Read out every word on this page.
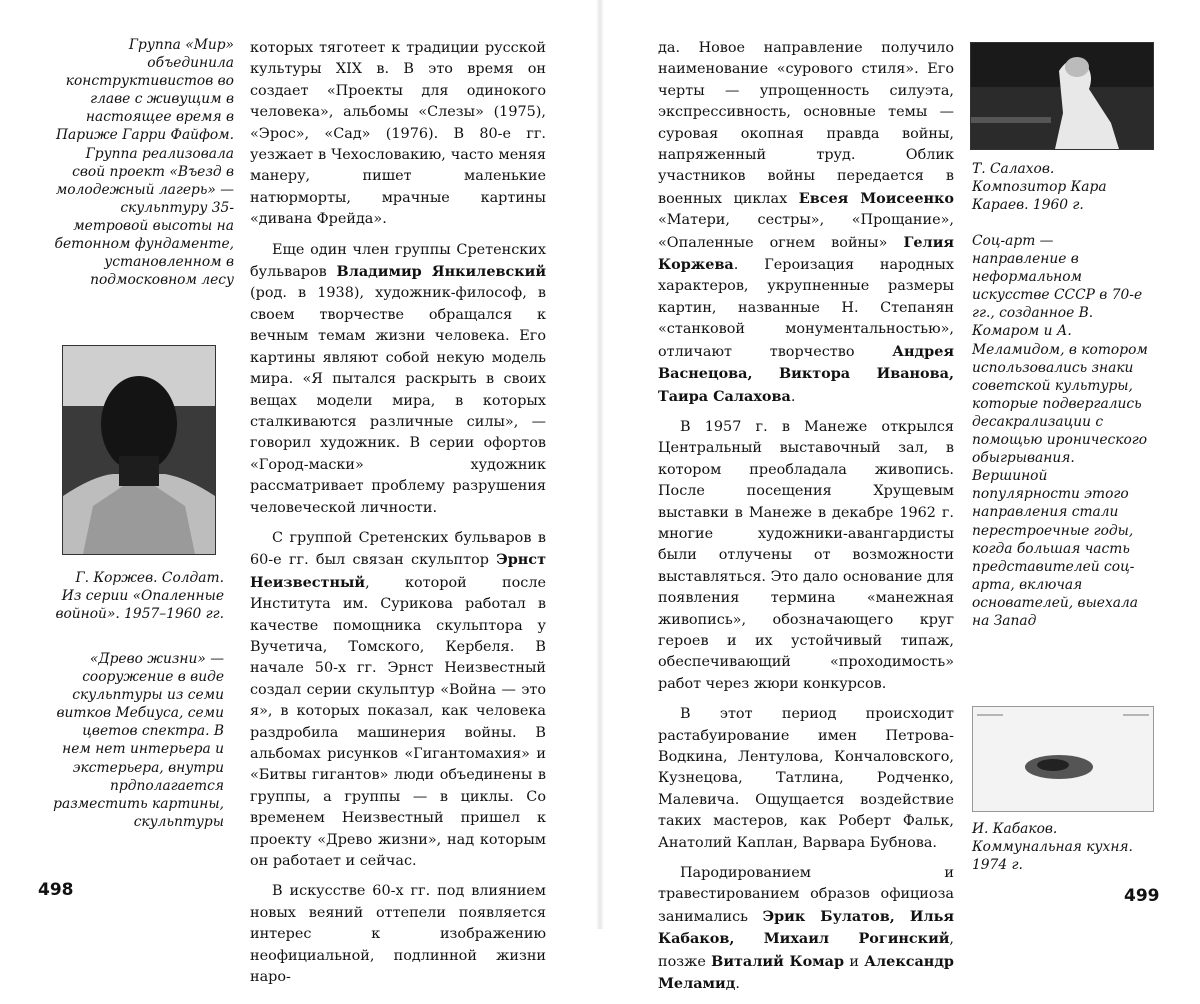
Группа «Мир» объединила конструктивистов во главе с живущим в настоящее время в Париже Гарри Файфом. Группа реализовала свой проект «Въезд в молодежный лагерь» — скульптуру 35-метровой высоты на бетонном фундаменте, установленном в подмосковном лесу

Г. Коржев. Солдат. Из серии «Опаленные войной». 1957–1960 гг.

«Древо жизни» — сооружение в виде скульптуры из семи витков Мебиуса, семи цветов спектра. В нем нет интерьера и экстерьера, внутри прдполагается разместить картины, скульптуры

которых тяготеет к традиции русской культуры XIX в. В это время он создает «Проекты для одинокого человека», альбомы «Слезы» (1975), «Эрос», «Сад» (1976). В 80-е гг. уезжает в Чехословакию, часто меняя манеру, пишет маленькие натюрморты, мрачные картины «дивана Фрейда».

Еще один член группы Сретенских бульваров Владимир Янкилевский (род. в 1938), художник-философ, в своем творчестве обращался к вечным темам жизни человека. Его картины являют собой некую модель мира. «Я пытался раскрыть в своих вещах модели мира, в которых сталкиваются различные силы», — говорил художник. В серии офортов «Город-маски» художник рассматривает проблему разрушения человеческой личности.

С группой Сретенских бульваров в 60-е гг. был связан скульптор Эрнст Неизвестный, которой после Института им. Сурикова работал в качестве помощника скульптора у Вучетича, Томского, Кербеля. В начале 50-х гг. Эрнст Неизвестный создал серии скульптур «Война — это я», в которых показал, как человека раздробила машинерия войны. В альбомах рисунков «Гигантомахия» и «Битвы гигантов» люди объединены в группы, а группы — в циклы. Со временем Неизвестный пришел к проекту «Древо жизни», над которым он работает и сейчас.

В искусстве 60-х гг. под влиянием новых веяний оттепели появляется интерес к изображению неофициальной, подлинной жизни наро-

498

да. Новое направление получило наименование «сурового стиля». Его черты — упрощенность силуэта, экспрессивность, основные темы — суровая окопная правда войны, напряженный труд. Облик участников войны передается в военных циклах Евсея Моисеенко «Матери, сестры», «Прощание», «Опаленные огнем войны» Гелия Коржева. Героизация народных характеров, укрупненные размеры картин, названные Н. Степанян «станковой монументальностью», отличают творчество Андрея Васнецова, Виктора Иванова, Таира Салахова.

В 1957 г. в Манеже открылся Центральный выставочный зал, в котором преобладала живопись. После посещения Хрущевым выставки в Манеже в декабре 1962 г. многие художники-авангардисты были отлучены от возможности выставляться. Это дало основание для появления термина «манежная живопись», обозначающего круг героев и их устойчивый типаж, обеспечивающий «проходимость» работ через жюри конкурсов.

В этот период происходит растабуирование имен Петрова-Водкина, Лентулова, Кончаловского, Кузнецова, Татлина, Родченко, Малевича. Ощущается воздействие таких мастеров, как Роберт Фальк, Анатолий Каплан, Варвара Бубнова.

Пародированием и травестированием образов официоза занимались Эрик Булатов, Илья Кабаков, Михаил Рогинский, позже Виталий Комар и Александр Меламид.

Т. Салахов. Композитор Кара Караев. 1960 г.

Соц-арт — направление в неформальном искусстве СССР в 70-е гг., созданное В. Комаром и А. Меламидом, в котором использовались знаки советской культуры, которые подвергались десакрализации с помощью иронического обыгрывания. Вершиной популярности этого направления стали перестроечные годы, когда большая часть представителей соц-арта, включая основателей, выехала на Запад

И. Кабаков. Коммунальная кухня. 1974 г.

499
